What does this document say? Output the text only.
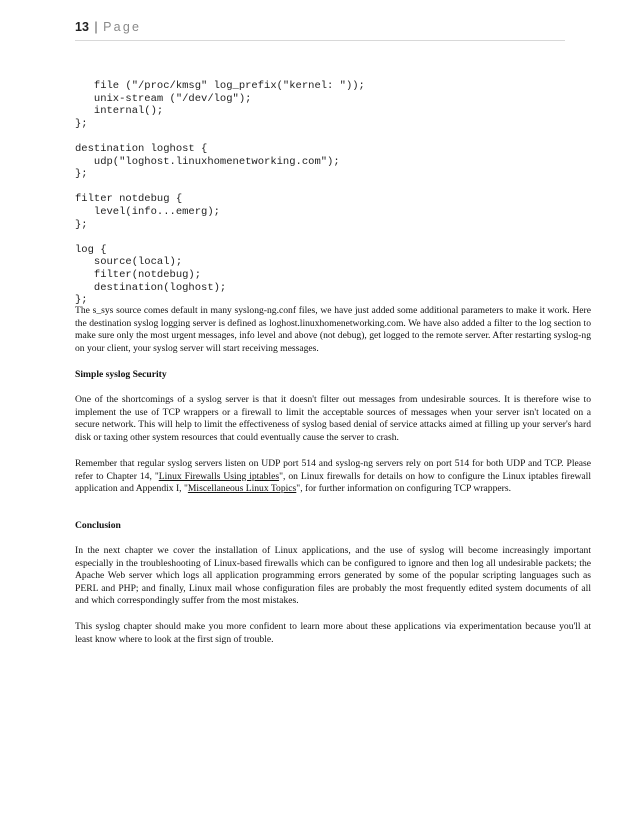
13 | Page
file ("/proc/kmsg" log_prefix("kernel: "));
unix-stream ("/dev/log");
internal();
};
destination loghost {
udp("loghost.linuxhomenetworking.com");
};
filter notdebug {
level(info...emerg);
};
log {
source(local);
filter(notdebug);
destination(loghost);
};

The s_sys source comes default in many syslong-ng.conf files, we have just added some additional parameters to make it work. Here the destination syslog logging server is defined as loghost.linuxhomenetworking.com. We have also added a filter to the log section to make sure only the most urgent messages, info level and above (not debug), get logged to the remote server. After restarting syslog-ng on your client, your syslog server will start receiving messages.

Simple syslog Security

One of the shortcomings of a syslog server is that it doesn't filter out messages from undesirable sources. It is therefore wise to implement the use of TCP wrappers or a firewall to limit the acceptable sources of messages when your server isn't located on a secure network. This will help to limit the effectiveness of syslog based denial of service attacks aimed at filling up your server's hard disk or taxing other system resources that could eventually cause the server to crash.

Remember that regular syslog servers listen on UDP port 514 and syslog-ng servers rely on port 514 for both UDP and TCP. Please refer to Chapter 14, "Linux Firewalls Using iptables", on Linux firewalls for details on how to configure the Linux iptables firewall application and Appendix I, "Miscellaneous Linux Topics", for further information on configuring TCP wrappers.

Conclusion

In the next chapter we cover the installation of Linux applications, and the use of syslog will become increasingly important especially in the troubleshooting of Linux-based firewalls which can be configured to ignore and then log all undesirable packets; the Apache Web server which logs all application programming errors generated by some of the popular scripting languages such as PERL and PHP; and finally, Linux mail whose configuration files are probably the most frequently edited system documents of all and which correspondingly suffer from the most mistakes.

This syslog chapter should make you more confident to learn more about these applications via experimentation because you'll at least know where to look at the first sign of trouble.
